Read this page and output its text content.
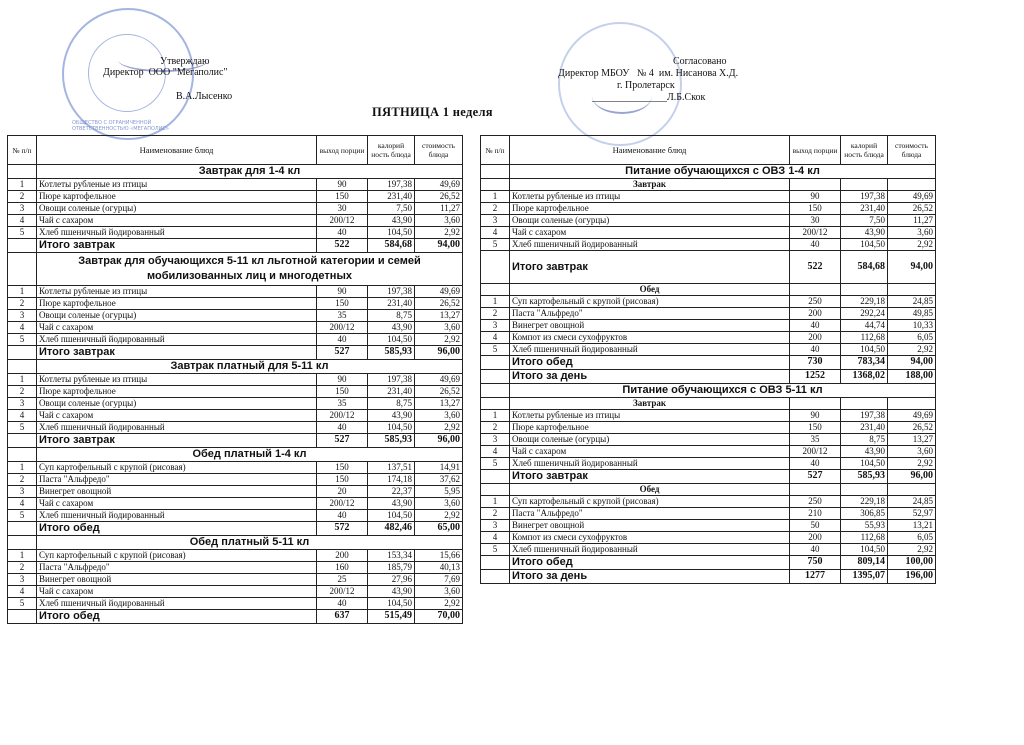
ОБЩЕСТВО С ОГРАНИЧЕННОЙ ОТВЕТСТВЕННОСТЬЮ «МЕГАПОЛИС»
Утверждаю
Директор  ООО "Мегаполис"
В.А.Лысенко
Согласовано
Директор МБОУ   № 4  им. Нисанова Х.Д.
г. Пролетарск
_______________Л.Б.Скок
ПЯТНИЦА 1 неделя
№ п/п	Наименование блюд	выход порции	калорий ность блюда	стоимость блюда
	Завтрак для 1-4 кл			
1	Котлеты рубленые из птицы	90	197,38	49,69
2	Пюре картофельное	150	231,40	26,52
3	Овощи соленые (огурцы)	30	7,50	11,27
4	Чай с сахаром	200/12	43,90	3,60
5	Хлеб пшеничный йодированный	40	104,50	2,92
	Итого завтрак	522	584,68	94,00
	Завтрак для обучающихся 5-11 кл льготной категории и семей мобилизованных лиц и многодетных			
1	Котлеты рубленые из птицы	90	197,38	49,69
2	Пюре картофельное	150	231,40	26,52
3	Овощи соленые (огурцы)	35	8,75	13,27
4	Чай с сахаром	200/12	43,90	3,60
5	Хлеб пшеничный йодированный	40	104,50	2,92
	Итого завтрак	527	585,93	96,00
	Завтрак платный для 5-11 кл			
1	Котлеты рубленые из птицы	90	197,38	49,69
2	Пюре картофельное	150	231,40	26,52
3	Овощи соленые (огурцы)	35	8,75	13,27
4	Чай с сахаром	200/12	43,90	3,60
5	Хлеб пшеничный йодированный	40	104,50	2,92
	Итого завтрак	527	585,93	96,00
	Обед платный 1-4 кл			
1	Суп картофельный с крупой (рисовая)	150	137,51	14,91
2	Паста "Альфредо"	150	174,18	37,62
3	Винегрет овощной	20	22,37	5,95
4	Чай с сахаром	200/12	43,90	3,60
5	Хлеб пшеничный йодированный	40	104,50	2,92
	Итого обед	572	482,46	65,00
	Обед платный 5-11 кл			
1	Суп картофельный с крупой (рисовая)	200	153,34	15,66
2	Паста "Альфредо"	160	185,79	40,13
3	Винегрет овощной	25	27,96	7,69
4	Чай с сахаром	200/12	43,90	3,60
5	Хлеб пшеничный йодированный	40	104,50	2,92
	Итого обед	637	515,49	70,00
№ п/п	Наименование блюд	выход порции	калорий ность блюда	стоимость блюда
	Питание обучающихся с ОВЗ 1-4 кл			
	Завтрак			
1	Котлеты рубленые из птицы	90	197,38	49,69
2	Пюре картофельное	150	231,40	26,52
3	Овощи соленые (огурцы)	30	7,50	11,27
4	Чай с сахаром	200/12	43,90	3,60
5	Хлеб пшеничный йодированный	40	104,50	2,92
	Итого завтрак	522	584,68	94,00
	Обед			
1	Суп картофельный с крупой (рисовая)	250	229,18	24,85
2	Паста "Альфредо"	200	292,24	49,85
3	Винегрет овощной	40	44,74	10,33
4	Компот из смеси сухофруктов	200	112,68	6,05
5	Хлеб пшеничный йодированный	40	104,50	2,92
	Итого обед	730	783,34	94,00
	Итого за день	1252	1368,02	188,00
	Питание обучающихся с ОВЗ 5-11 кл			
	Завтрак			
1	Котлеты рубленые из птицы	90	197,38	49,69
2	Пюре картофельное	150	231,40	26,52
3	Овощи соленые (огурцы)	35	8,75	13,27
4	Чай с сахаром	200/12	43,90	3,60
5	Хлеб пшеничный йодированный	40	104,50	2,92
	Итого завтрак	527	585,93	96,00
	Обед			
1	Суп картофельный с крупой (рисовая)	250	229,18	24,85
2	Паста "Альфредо"	210	306,85	52,97
3	Винегрет овощной	50	55,93	13,21
4	Компот из смеси сухофруктов	200	112,68	6,05
5	Хлеб пшеничный йодированный	40	104,50	2,92
	Итого обед	750	809,14	100,00
	Итого за день	1277	1395,07	196,00
